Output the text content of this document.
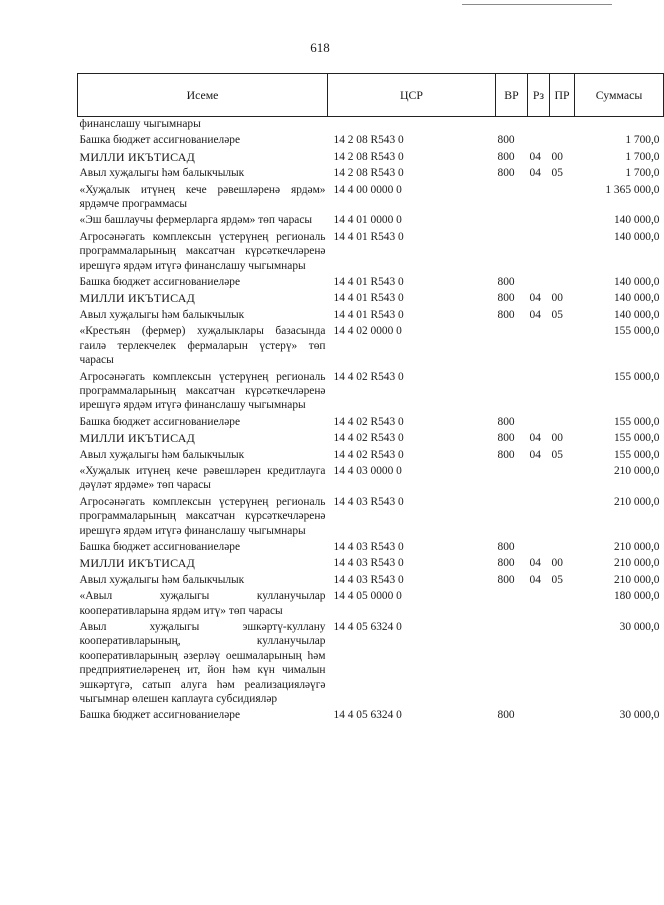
618
Исеме	ЦСР	ВР	Рз	ПР	Суммасы
финанслашу чыгымнары					
Башка бюджет ассигнованиеләре	14 2 08 R543 0	800			1 700,0
МИЛЛИ ИКЪТИСАД	14 2 08 R543 0	800	04	00	1 700,0
Авыл хуҗалыгы һәм балыкчылык	14 2 08 R543 0	800	04	05	1 700,0
«Хуҗалык итүнең кече рәвешләренә ярдәм» ярдәмче программасы	14 4 00 0000 0				1 365 000,0
«Эш башлаучы фермерларга ярдәм» төп чарасы	14 4 01 0000 0				140 000,0
Агросәнәгать комплексын үстерүнең региональ программаларының максатчан күрсәткечләренә ирешүгә ярдәм итүгә финанслашу чыгымнары	14 4 01 R543 0				140 000,0
Башка бюджет ассигнованиеләре	14 4 01 R543 0	800			140 000,0
МИЛЛИ ИКЪТИСАД	14 4 01 R543 0	800	04	00	140 000,0
Авыл хуҗалыгы һәм балыкчылык	14 4 01 R543 0	800	04	05	140 000,0
«Крестьян (фермер) хуҗалыклары базасында гаилә терлекчелек фермаларын үстерү» төп чарасы	14 4 02 0000 0				155 000,0
Агросәнәгать комплексын үстерүнең региональ программаларының максатчан күрсәткечләренә ирешүгә ярдәм итүгә финанслашу чыгымнары	14 4 02 R543 0				155 000,0
Башка бюджет ассигнованиеләре	14 4 02 R543 0	800			155 000,0
МИЛЛИ ИКЪТИСАД	14 4 02 R543 0	800	04	00	155 000,0
Авыл хуҗалыгы һәм балыкчылык	14 4 02 R543 0	800	04	05	155 000,0
«Хуҗалык итүнең кече рәвешләрен кредитлауга дәүләт ярдәме» төп чарасы	14 4 03 0000 0				210 000,0
Агросәнәгать комплексын үстерүнең региональ программаларының максатчан күрсәткечләренә ирешүгә ярдәм итүгә финанслашу чыгымнары	14 4 03 R543 0				210 000,0
Башка бюджет ассигнованиеләре	14 4 03 R543 0	800			210 000,0
МИЛЛИ ИКЪТИСАД	14 4 03 R543 0	800	04	00	210 000,0
Авыл хуҗалыгы һәм балыкчылык	14 4 03 R543 0	800	04	05	210 000,0
«Авыл хуҗалыгы кулланучылар кооперативларына ярдәм итү» төп чарасы	14 4 05 0000 0				180 000,0
Авыл хуҗалыгы эшкәртү-куллану кооперативларының, кулланучылар кооперативларының әзерләү оешмаларының һәм предприятиеләренең ит, йон һәм күн чималын эшкәртүгә, сатып алуга һәм реализацияләүгә чыгымнар өлешен каплауга субсидияләр	14 4 05 6324 0				30 000,0
Башка бюджет ассигнованиеләре	14 4 05 6324 0	800			30 000,0
